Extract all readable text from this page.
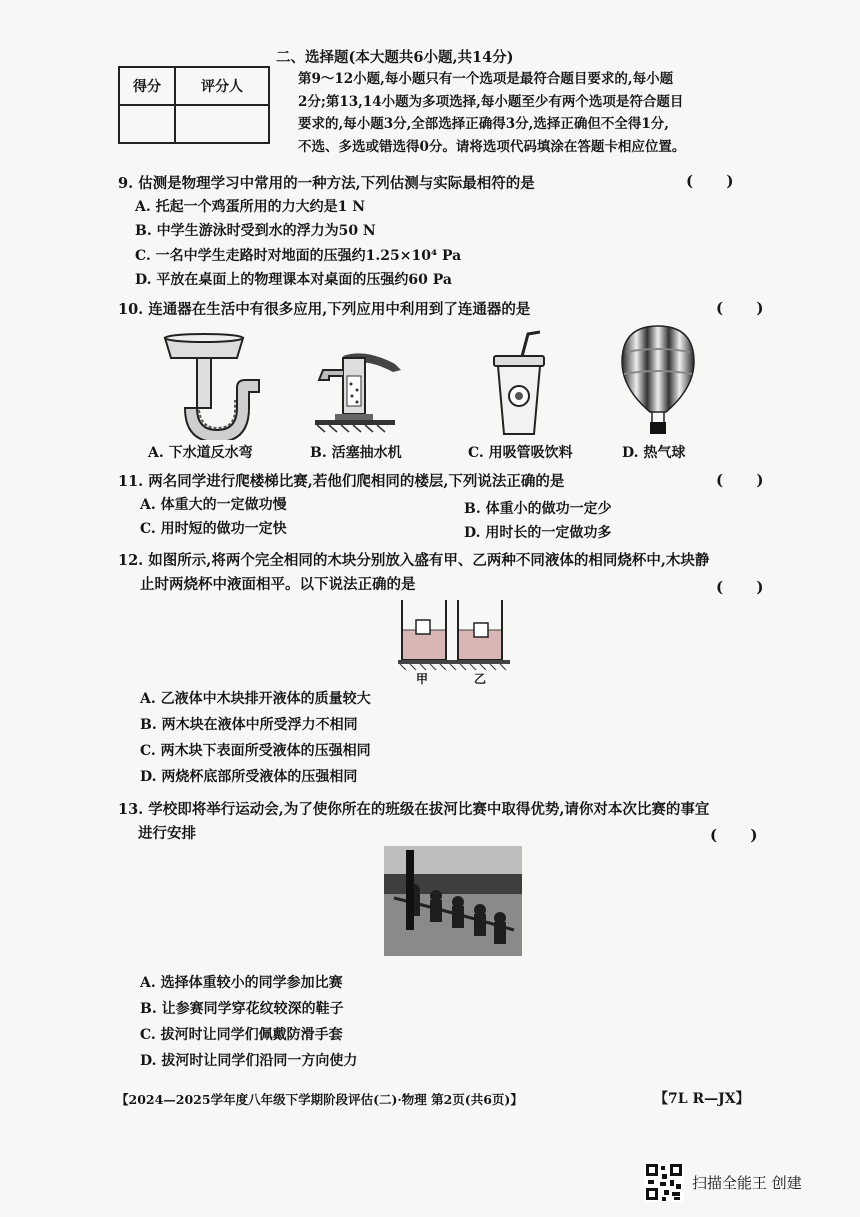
二、选择题(本大题共6小题,共14分)
得分	评分人
		第9～12小题,每小题只有一个选项是最符合题目要求的,每小题
2分;第13,14小题为多项选择,每小题至少有两个选项是符合题目
要求的,每小题3分,全部选择正确得3分,选择正确但不全得1分,
不选、多选或错选得0分。请将选项代码填涂在答题卡相应位置。
9. 估测是物理学习中常用的一种方法,下列估测与实际最相符的是	( )
A. 托起一个鸡蛋所用的力大约是1 N
B. 中学生游泳时受到水的浮力为50 N
C. 一名中学生走路时对地面的压强约1.25×10⁴ Pa
D. 平放在桌面上的物理课本对桌面的压强约60 Pa
10. 连通器在生活中有很多应用,下列应用中利用到了连通器的是	( )
A. 下水道反水弯	B. 活塞抽水机	C. 用吸管吸饮料	D. 热气球
11. 两名同学进行爬楼梯比赛,若他们爬相同的楼层,下列说法正确的是	( )
A. 体重大的一定做功慢	B. 体重小的做功一定少
C. 用时短的做功一定快	D. 用时长的一定做功多
12. 如图所示,将两个完全相同的木块分别放入盛有甲、乙两种不同液体的相同烧杯中,木块静
止时两烧杯中液面相平。以下说法正确的是	( )
甲	乙
A. 乙液体中木块排开液体的质量较大
B. 两木块在液体中所受浮力不相同
C. 两木块下表面所受液体的压强相同
D. 两烧杯底部所受液体的压强相同
13. 学校即将举行运动会,为了使你所在的班级在拔河比赛中取得优势,请你对本次比赛的事宜
进行安排	( )
A. 选择体重较小的同学参加比赛
B. 让参赛同学穿花纹较深的鞋子
C. 拔河时让同学们佩戴防滑手套
D. 拔河时让同学们沿同一方向使力
【2024—2025学年度八年级下学期阶段评估(二)·物理 第2页(共6页)】	【7L R—JX】
扫描全能王 创建
